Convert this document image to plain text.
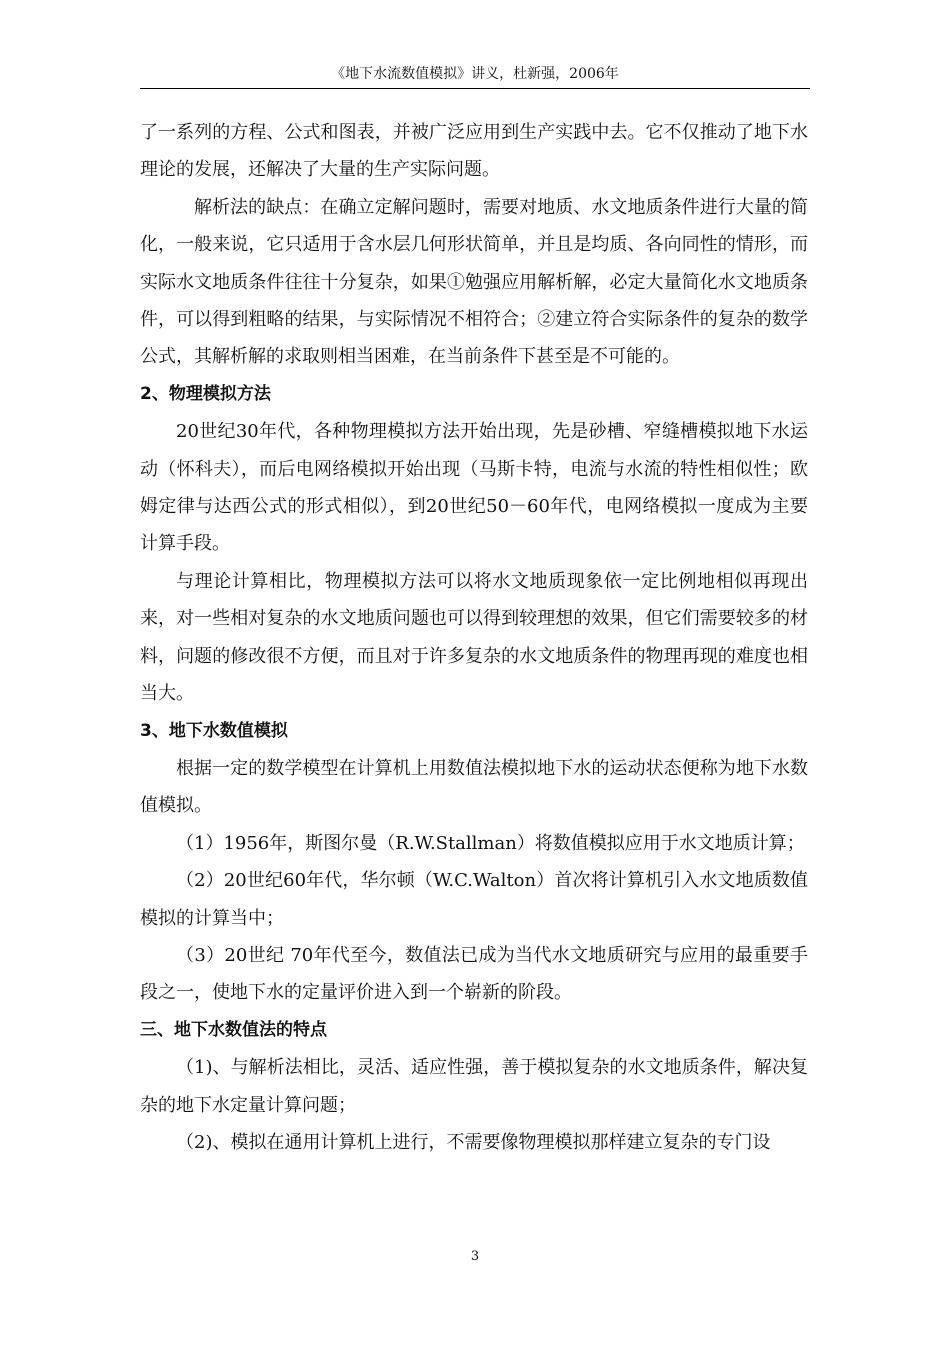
《地下水流数值模拟》讲义，杜新强，2006年

了一系列的方程、公式和图表，并被广泛应用到生产实践中去。它不仅推动了地下水理论的发展，还解决了大量的生产实际问题。

解析法的缺点：在确立定解问题时，需要对地质、水文地质条件进行大量的简化，一般来说，它只适用于含水层几何形状简单，并且是均质、各向同性的情形，而实际水文地质条件往往十分复杂，如果①勉强应用解析解，必定大量简化水文地质条件，可以得到粗略的结果，与实际情况不相符合；②建立符合实际条件的复杂的数学公式，其解析解的求取则相当困难，在当前条件下甚至是不可能的。

2、物理模拟方法

20世纪30年代，各种物理模拟方法开始出现，先是砂槽、窄缝槽模拟地下水运动（怀科夫），而后电网络模拟开始出现（马斯卡特，电流与水流的特性相似性；欧姆定律与达西公式的形式相似），到20世纪50－60年代，电网络模拟一度成为主要计算手段。

与理论计算相比，物理模拟方法可以将水文地质现象依一定比例地相似再现出来，对一些相对复杂的水文地质问题也可以得到较理想的效果，但它们需要较多的材料，问题的修改很不方便，而且对于许多复杂的水文地质条件的物理再现的难度也相当大。

3、地下水数值模拟

根据一定的数学模型在计算机上用数值法模拟地下水的运动状态便称为地下水数值模拟。

（1）1956年，斯图尔曼（R.W.Stallman）将数值模拟应用于水文地质计算；

（2）20世纪60年代，华尔顿（W.C.Walton）首次将计算机引入水文地质数值模拟的计算当中；

（3）20世纪 70年代至今，数值法已成为当代水文地质研究与应用的最重要手段之一，使地下水的定量评价进入到一个崭新的阶段。

三、地下水数值法的特点

（1)、与解析法相比，灵活、适应性强，善于模拟复杂的水文地质条件，解决复杂的地下水定量计算问题；

（2)、模拟在通用计算机上进行，不需要像物理模拟那样建立复杂的专门设

3
